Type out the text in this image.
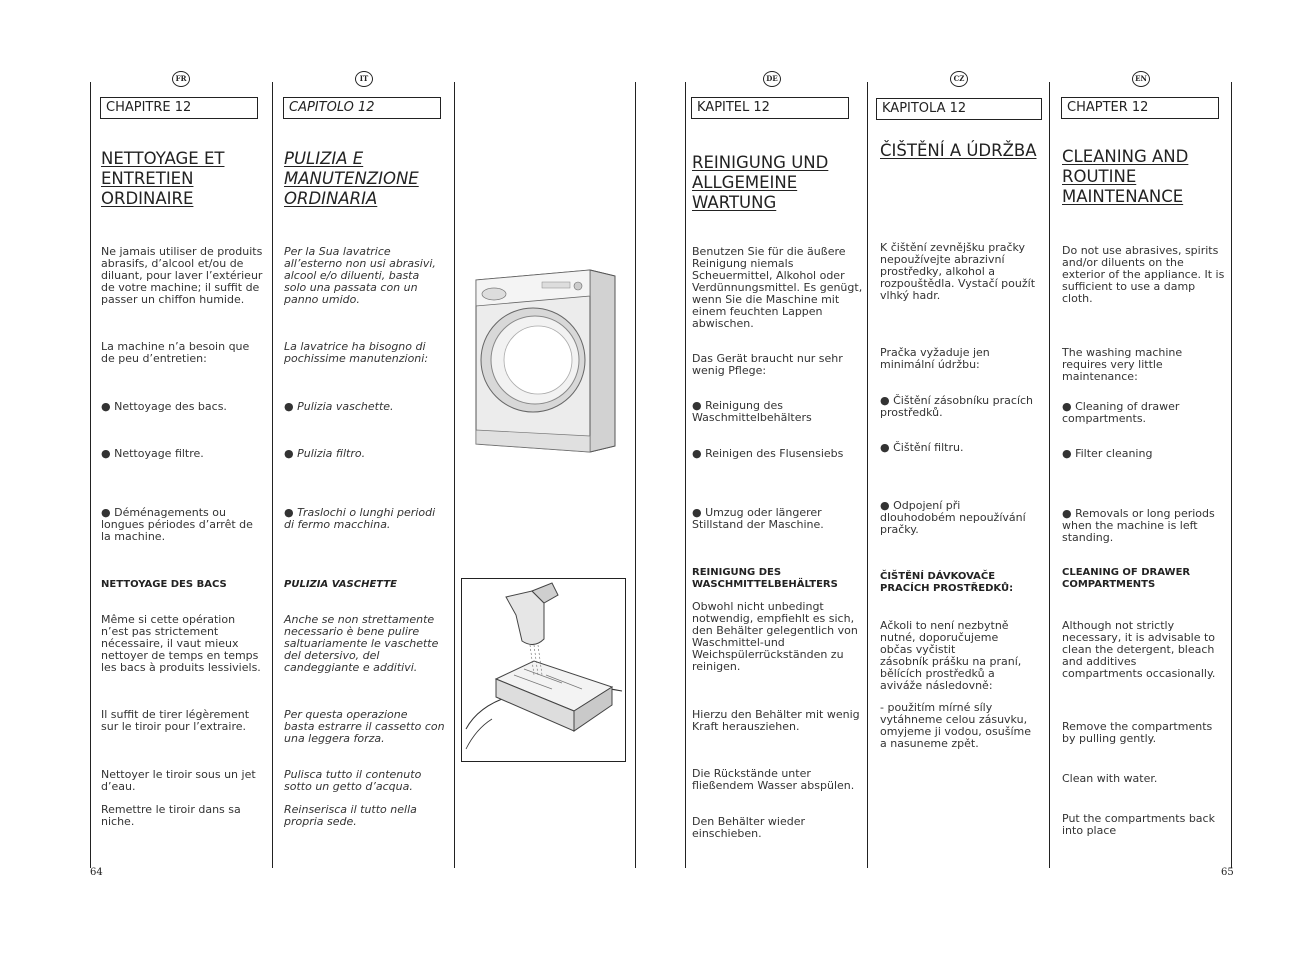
FR	IT	DE	CZ	EN
CHAPITRE 12	CAPITOLO 12	KAPITEL 12	KAPITOLA 12	CHAPTER 12
NETTOYAGE ET
ENTRETIEN
ORDINAIRE
Ne jamais utiliser de produits
abrasifs, d’alcool et/ou de
diluant, pour laver l’extérieur
de votre machine; il suffit de
passer un chiffon humide.
La machine n’a besoin que
de peu d’entretien:
● Nettoyage des bacs.
● Nettoyage filtre.
● Déménagements ou
longues périodes d’arrêt de
la machine.
NETTOYAGE DES BACS
Même si cette opération
n’est pas strictement
nécessaire, il vaut mieux
nettoyer de temps en temps
les bacs à produits lessiviels.
Il suffit de tirer légèrement
sur le tiroir pour l’extraire.
Nettoyer le tiroir sous un jet
d’eau.
Remettre le tiroir dans sa
niche.
PULIZIA E
MANUTENZIONE
ORDINARIA
Per la Sua lavatrice
all’esterno non usi abrasivi,
alcool e/o diluenti, basta
solo una passata con un
panno umido.
La lavatrice ha bisogno di
pochissime manutenzioni:
● Pulizia vaschette.
● Pulizia filtro.
● Traslochi o lunghi periodi
di fermo macchina.
PULIZIA VASCHETTE
Anche se non strettamente
necessario è bene pulire
saltuariamente le vaschette
del detersivo, del
candeggiante e additivi.
Per questa operazione
basta estrarre il cassetto con
una leggera forza.
Pulisca tutto il contenuto
sotto un getto d’acqua.
Reinserisca il tutto nella
propria sede.
REINIGUNG UND
ALLGEMEINE
WARTUNG
Benutzen Sie für die äußere
Reinigung niemals
Scheuermittel, Alkohol oder
Verdünnungsmittel. Es genügt,
wenn Sie die Maschine mit
einem feuchten Lappen
abwischen.
Das Gerät braucht nur sehr
wenig Pflege:
● Reinigung des
Waschmittelbehälters
● Reinigen des Flusensiebs
● Umzug oder längerer
Stillstand der Maschine.
REINIGUNG DES
WASCHMITTELBEHÄLTERS
Obwohl nicht unbedingt
notwendig, empfiehlt es sich,
den Behälter gelegentlich von
Waschmittel-und
Weichspülerrückständen zu
reinigen.
Hierzu den Behälter mit wenig
Kraft herausziehen.
Die Rückstände unter
fließendem Wasser abspülen.
Den Behälter wieder
einschieben.
ČIŠTĚNÍ A ÚDRŽBA
K čištění zevnějšku pračky
nepoužívejte abrazivní
prostředky, alkohol a
rozpouštědla. Vystačí použít
vlhký hadr.
Pračka vyžaduje jen
minimální údržbu:
● Čištění zásobníku pracích
prostředků.
● Čištění filtru.
● Odpojení při
dlouhodobém nepoužívání
pračky.
ČIŠTĚNÍ DÁVKOVAČE
PRACÍCH PROSTŘEDKŮ:
Ačkoli to není nezbytně
nutné, doporučujeme
občas vyčistit
zásobník prášku na praní,
bělících prostředků a
aviváže následovně:
- použitím mírné síly
vytáhneme celou zásuvku,
omyjeme ji vodou, osušíme
a nasuneme zpět.
CLEANING AND
ROUTINE
MAINTENANCE
Do not use abrasives, spirits
and/or diluents on the
exterior of the appliance. It is
sufficient to use a damp
cloth.
The washing machine
requires very little
maintenance:
● Cleaning of drawer
compartments.
● Filter cleaning
● Removals or long periods
when the machine is left
standing.
CLEANING OF DRAWER
COMPARTMENTS
Although not strictly
necessary, it is advisable to
clean the detergent, bleach
and additives
compartments occasionally.
Remove the compartments
by pulling gently.
Clean with water.
Put the compartments back
into place
64	65
